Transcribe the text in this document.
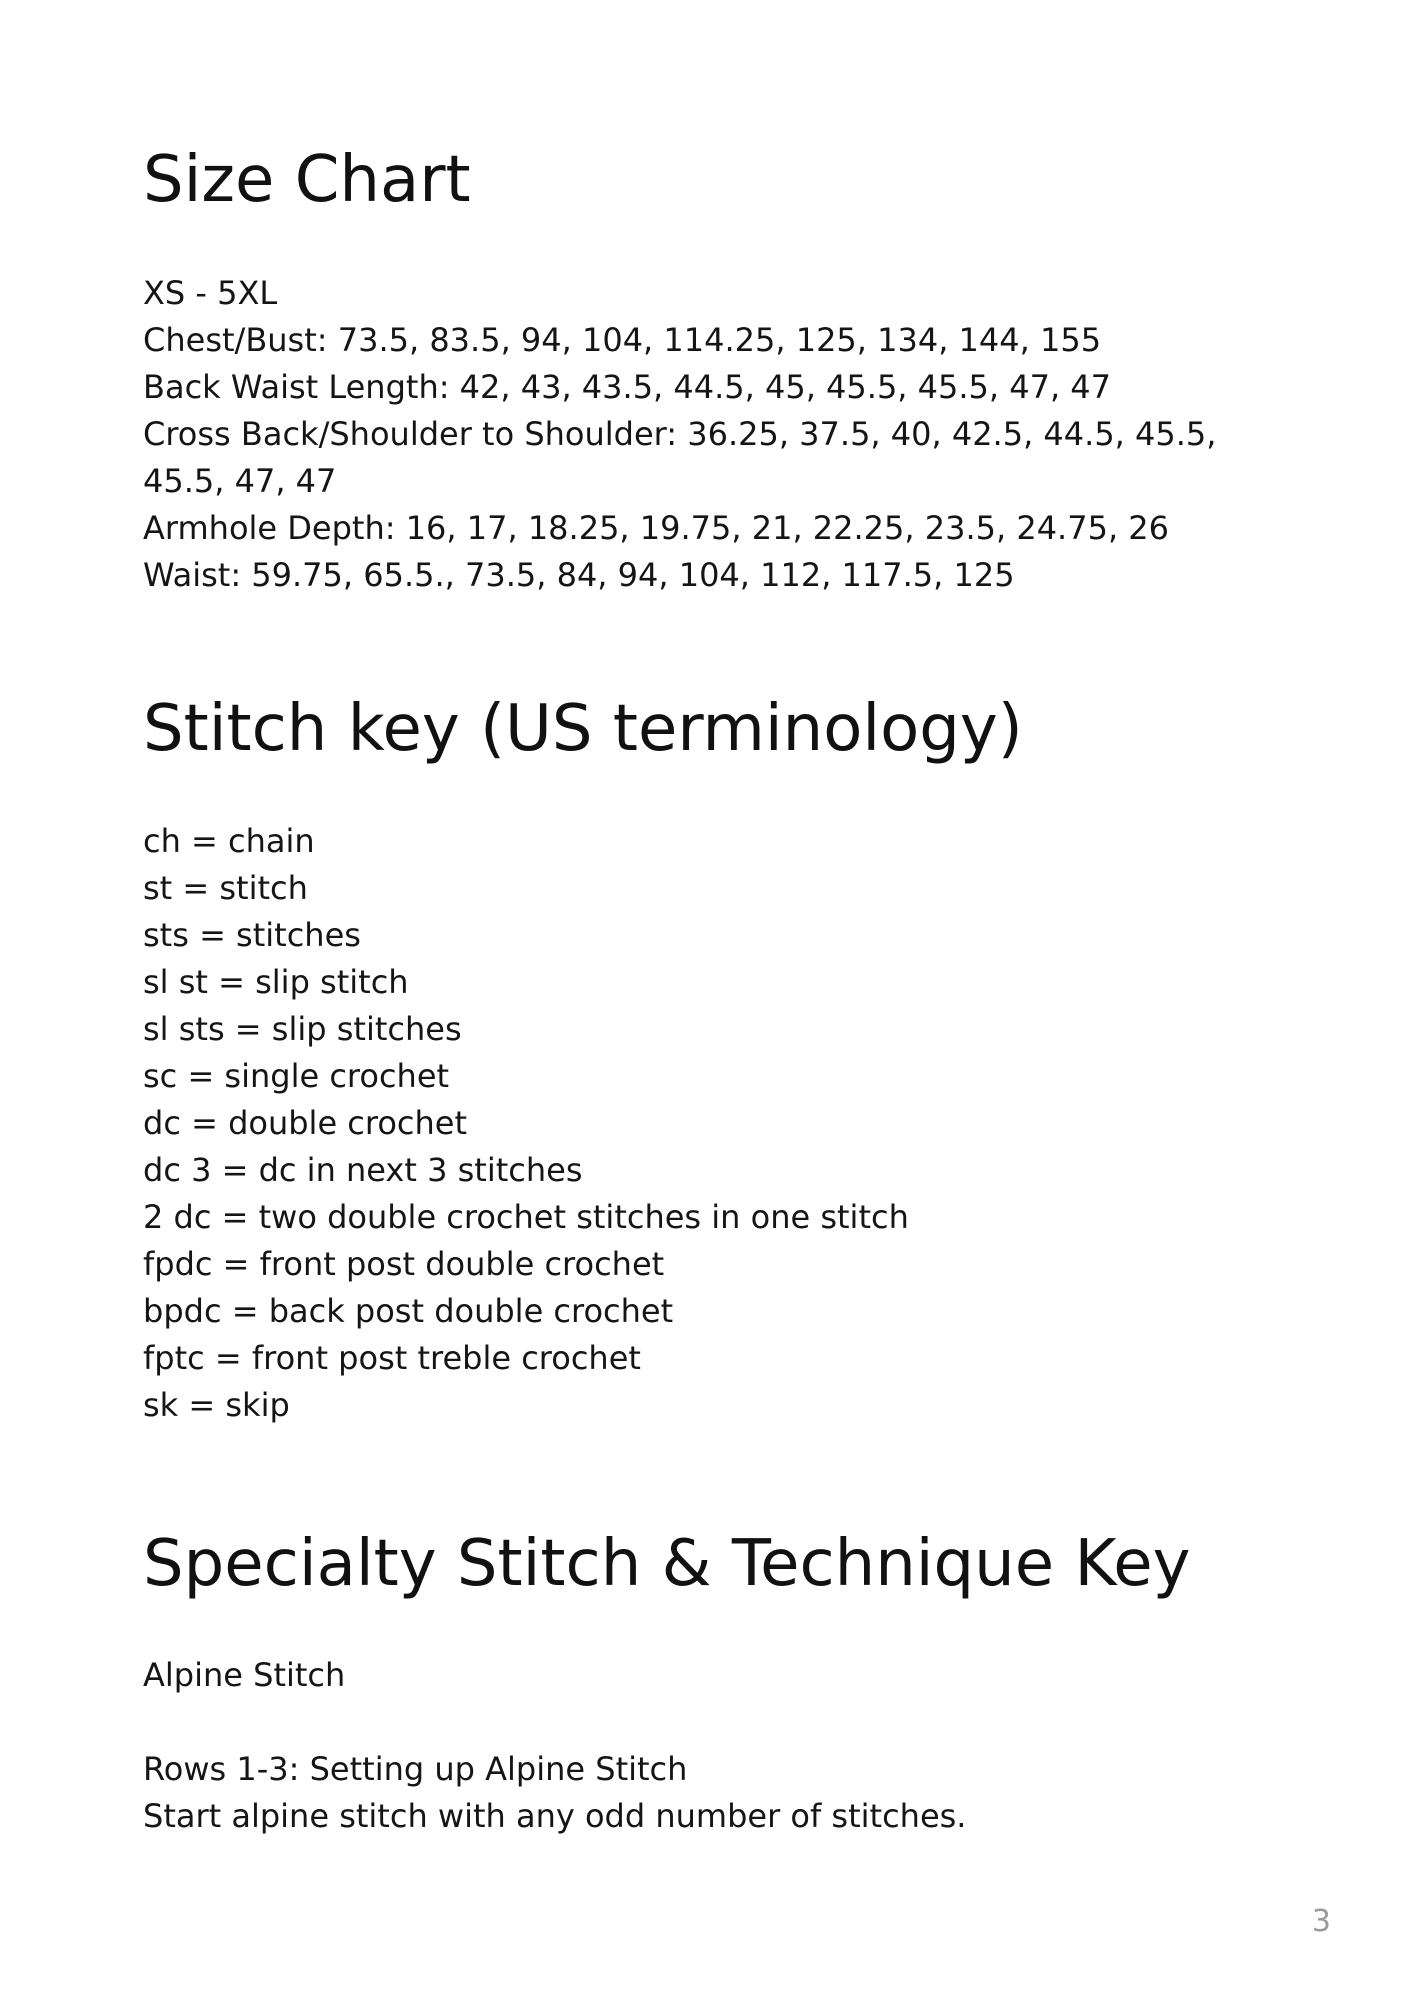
Size Chart

XS - 5XL

Chest/Bust: 73.5, 83.5, 94, 104, 114.25, 125, 134, 144, 155

Back Waist Length: 42, 43, 43.5, 44.5, 45, 45.5, 45.5, 47, 47

Cross Back/Shoulder to Shoulder: 36.25, 37.5, 40, 42.5, 44.5, 45.5, 45.5, 47, 47

Armhole Depth: 16, 17, 18.25, 19.75, 21, 22.25, 23.5, 24.75, 26

Waist: 59.75, 65.5., 73.5, 84, 94, 104, 112, 117.5, 125

Stitch key (US terminology)

ch = chain

st = stitch

sts = stitches

sl st = slip stitch

sl sts = slip stitches

sc = single crochet

dc = double crochet

dc 3 = dc in next 3 stitches

2 dc = two double crochet stitches in one stitch

fpdc = front post double crochet

bpdc = back post double crochet

fptc = front post treble crochet

sk = skip

Specialty Stitch & Technique Key

Alpine Stitch

Rows 1-3: Setting up Alpine Stitch

Start alpine stitch with any odd number of stitches.

3
